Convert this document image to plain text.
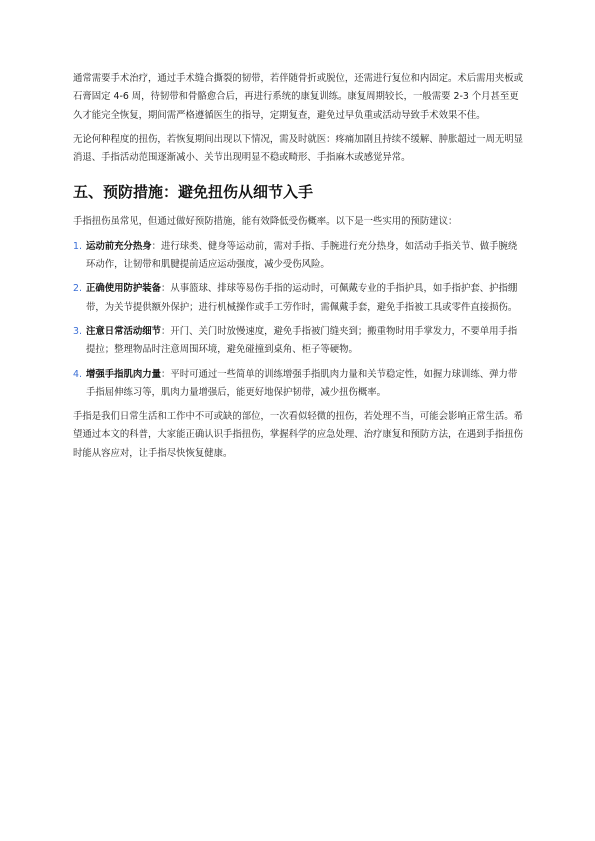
通常需要手术治疗，通过手术缝合撕裂的韧带，若伴随骨折或脱位，还需进行复位和内固定。术后需用夹板或石膏固定 4-6 周，待韧带和骨骼愈合后，再进行系统的康复训练。康复周期较长，一般需要 2-3 个月甚至更久才能完全恢复，期间需严格遵循医生的指导，定期复查，避免过早负重或活动导致手术效果不佳。

无论何种程度的扭伤，若恢复期间出现以下情况，需及时就医：疼痛加剧且持续不缓解、肿胀超过一周无明显消退、手指活动范围逐渐减小、关节出现明显不稳或畸形、手指麻木或感觉异常。

五、预防措施：避免扭伤从细节入手

手指扭伤虽常见，但通过做好预防措施，能有效降低受伤概率。以下是一些实用的预防建议：

1. 运动前充分热身：进行球类、健身等运动前，需对手指、手腕进行充分热身，如活动手指关节、做手腕绕环动作，让韧带和肌腱提前适应运动强度，减少受伤风险。
2. 正确使用防护装备：从事篮球、排球等易伤手指的运动时，可佩戴专业的手指护具，如手指护套、护指绷带，为关节提供额外保护；进行机械操作或手工劳作时，需佩戴手套，避免手指被工具或零件直接损伤。
3. 注意日常活动细节：开门、关门时放慢速度，避免手指被门缝夹到；搬重物时用手掌发力，不要单用手指提拉；整理物品时注意周围环境，避免碰撞到桌角、柜子等硬物。
4. 增强手指肌肉力量：平时可通过一些简单的训练增强手指肌肉力量和关节稳定性，如握力球训练、弹力带手指屈伸练习等，肌肉力量增强后，能更好地保护韧带，减少扭伤概率。

手指是我们日常生活和工作中不可或缺的部位，一次看似轻微的扭伤，若处理不当，可能会影响正常生活。希望通过本文的科普，大家能正确认识手指扭伤，掌握科学的应急处理、治疗康复和预防方法，在遇到手指扭伤时能从容应对，让手指尽快恢复健康。
